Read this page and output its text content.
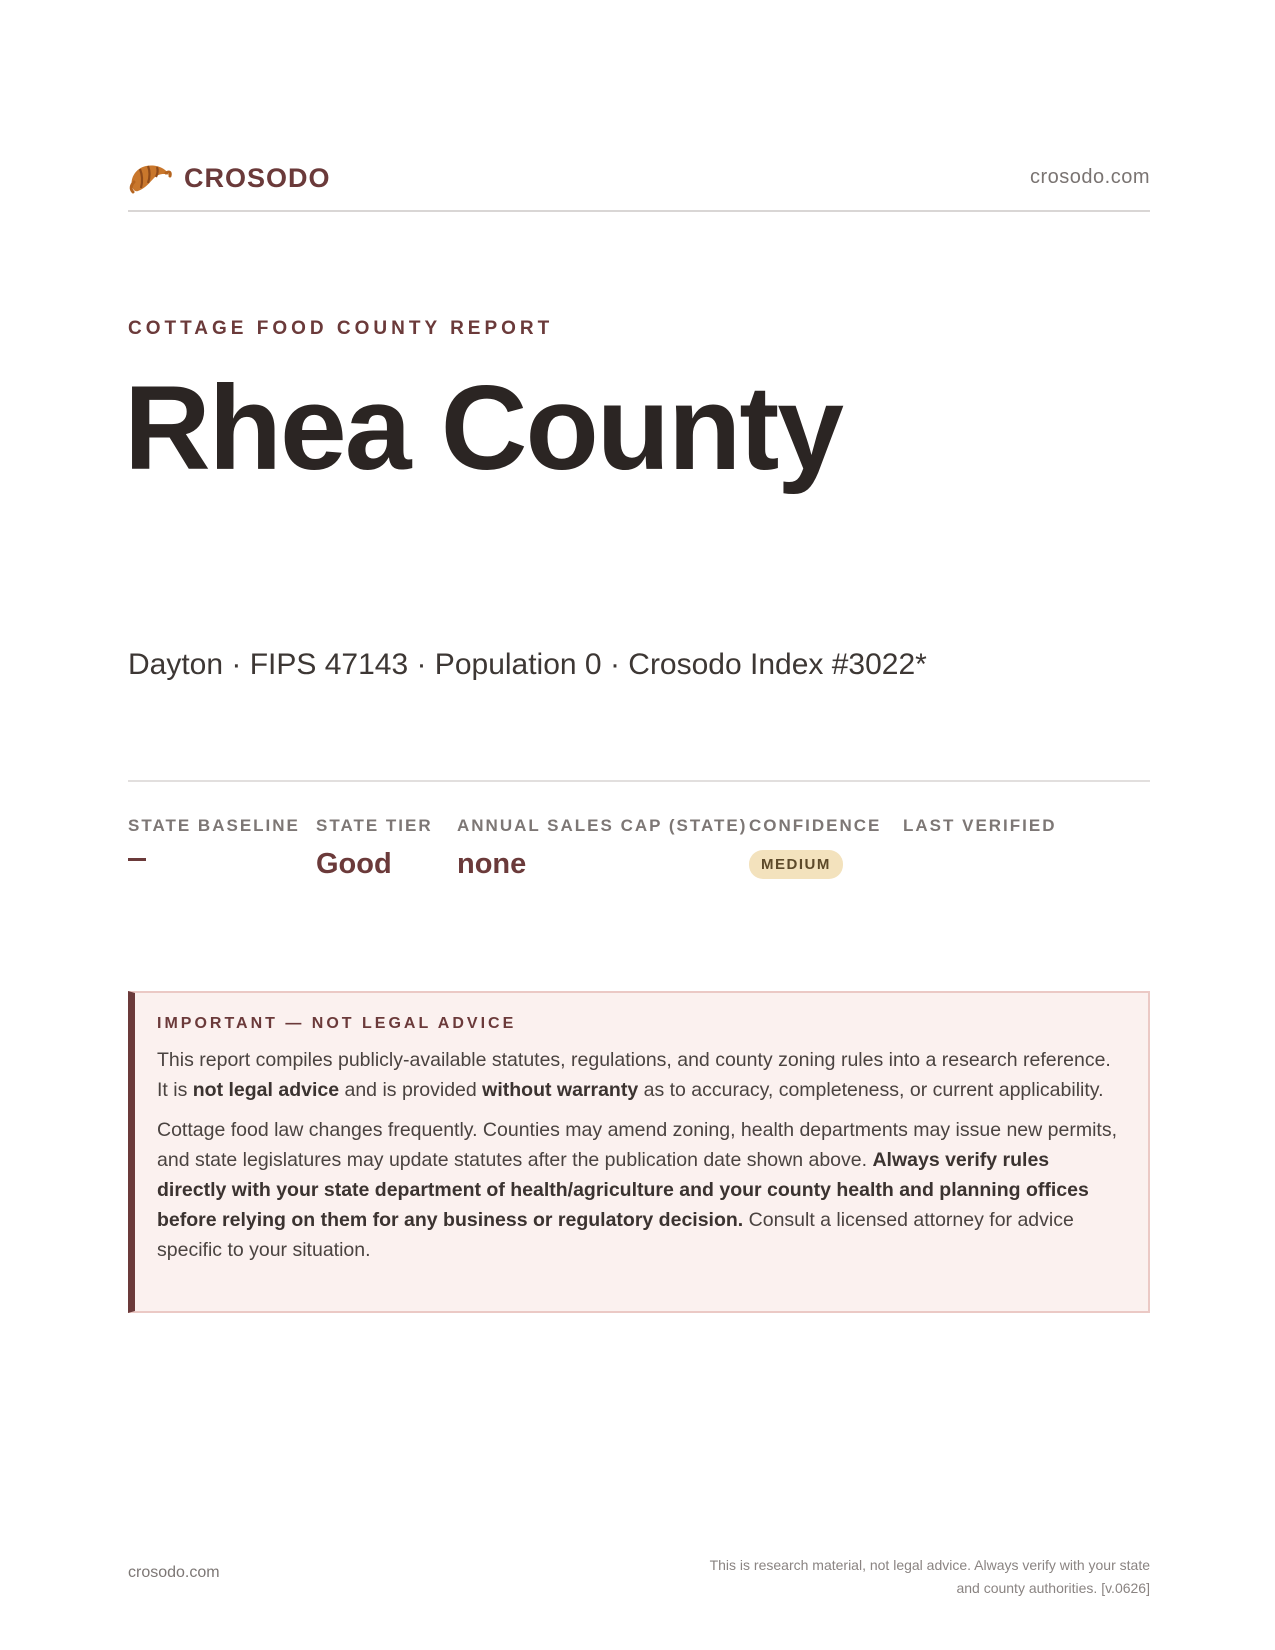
CROSODO	crosodo.com
COTTAGE FOOD COUNTY REPORT
Rhea County
Dayton · FIPS 47143 · Population 0 · Crosodo Index #3022*
STATE BASELINE STATE TIER
Good
ANNUAL SALES CAP (STATE)
none
CONFIDENCE
MEDIUM
LAST VERIFIED
IMPORTANT — NOT LEGAL ADVICE

This report compiles publicly-available statutes, regulations, and county zoning rules into a research reference. It is not legal advice and is provided without warranty as to accuracy, completeness, or current applicability.

Cottage food law changes frequently. Counties may amend zoning, health departments may issue new permits, and state legislatures may update statutes after the publication date shown above. Always verify rules directly with your state department of health/agriculture and your county health and planning offices before relying on them for any business or regulatory decision. Consult a licensed attorney for advice specific to your situation.

crosodo.com	This is research material, not legal advice. Always verify with your state
and county authorities. [v.0626]
